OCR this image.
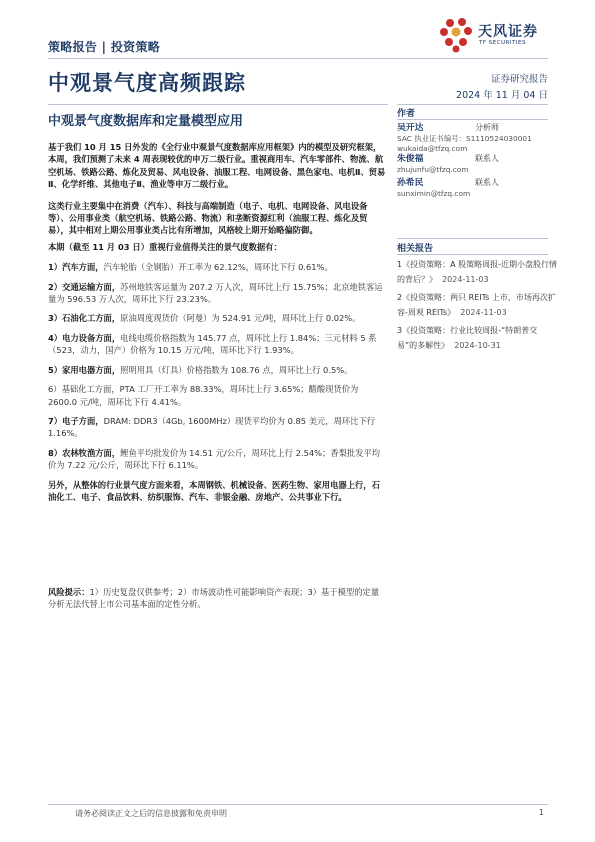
策略报告 | 投资策略
天风证券
TF SECURITIES
中观景气度高频跟踪	证券研究报告
2024 年 11 月 04 日
中观景气度数据库和定量模型应用

基于我们 10 月 15 日外发的《全行业中观景气度数据库应用框架》内的模型及研究框架，本周，我们预测了未来 4 周表现较优的申万二级行业。重视商用车、汽车零部件、物流、航空机场、铁路公路、炼化及贸易、风电设备、油服工程、电网设备、黑色家电、电机Ⅱ、贸易Ⅱ、化学纤维、其他电子Ⅱ、渔业等申万二级行业。

这类行业主要集中在消费（汽车）、科技与高端制造（电子、电机、电网设备、风电设备等）、公用事业类（航空机场、铁路公路、物流）和垄断资源红利（油服工程、炼化及贸易），其中相对上期公用事业类占比有所增加，风格较上期开始略偏防御。

本期（截至 11 月 03 日）重视行业值得关注的景气度数据有：

1）汽车方面，汽车轮胎（全钢胎）开工率为 62.12%，周环比下行 0.61%。

2）交通运输方面，苏州地铁客运量为 207.2 万人次，周环比上行 15.75%；北京地铁客运量为 596.53 万人次，周环比下行 23.23%。

3）石油化工方面，原油周度现货价（阿曼）为 524.91 元/吨，周环比上行 0.02%。

4）电力设备方面，电线电缆价格指数为 145.77 点，周环比上行 1.84%；三元材料 5 系（523，动力，国产）价格为 10.15 万元/吨，周环比下行 1.93%。

5）家用电器方面，照明用具（灯具）价格指数为 108.76 点，周环比上行 0.5%。

6）基础化工方面，PTA 工厂开工率为 88.33%，周环比上行 3.65%；醋酸现货价为 2600.0 元/吨，周环比下行 4.41%。

7）电子方面，DRAM: DDR3（4Gb, 1600MHz）现货平均价为 0.85 美元，周环比下行 1.16%。

8）农林牧渔方面，鲤鱼平均批发价为 14.51 元/公斤，周环比上行 2.54%；香梨批发平均价为 7.22 元/公斤，周环比下行 6.11%。

另外，从整体的行业景气度方面来看，本周钢铁、机械设备、医药生物、家用电器上行，石油化工、电子、食品饮料、纺织服饰、汽车、非银金融、房地产、公共事业下行。

风险提示：1）历史复盘仅供参考；2）市场波动性可能影响资产表现；3）基于模型的定量分析无法代替上市公司基本面的定性分析。
作者
吴开达	分析师
SAC 执业证书编号：S1110524030001
wukaida@tfzq.com
朱俊福	联系人
zhujunfu@tfzq.com
孙希民	联系人
sunximin@tfzq.com
相关报告
1《投资策略：A 股策略周报-近期小盘股行情的背后？》 2024-11-03
2《投资策略：两只 REITs 上市，市场再次扩容-周观 REITs》 2024-11-03
3《投资策略：行业比较周报-“特朗普交易”的多解性》 2024-10-31
请务必阅读正文之后的信息披露和免责申明	1
